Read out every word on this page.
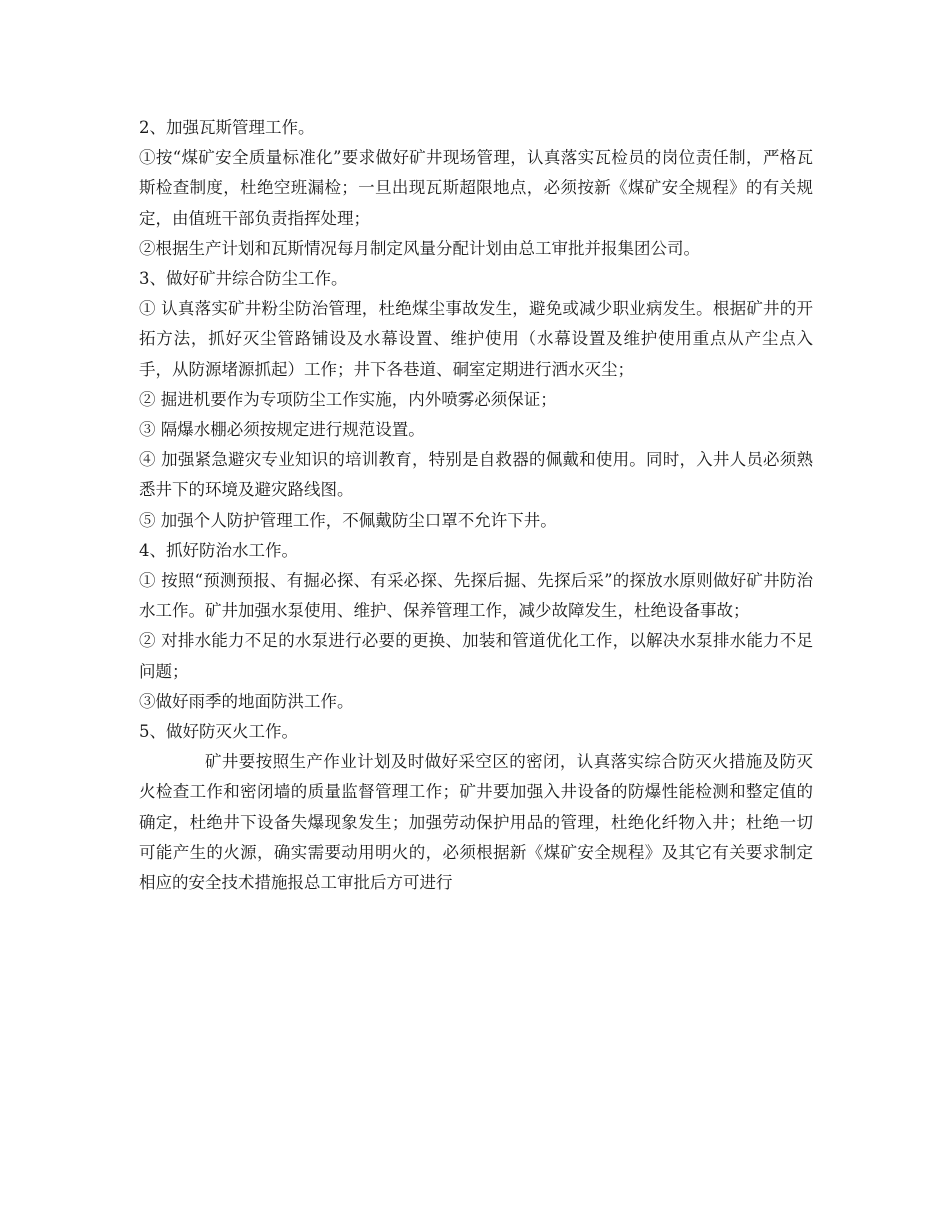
2、加强瓦斯管理工作。

①按“煤矿安全质量标准化”要求做好矿井现场管理，认真落实瓦检员的岗位责任制，严格瓦斯检查制度，杜绝空班漏检；一旦出现瓦斯超限地点，必须按新《煤矿安全规程》的有关规定，由值班干部负责指挥处理；

②根据生产计划和瓦斯情况每月制定风量分配计划由总工审批并报集团公司。

3、做好矿井综合防尘工作。

① 认真落实矿井粉尘防治管理，杜绝煤尘事故发生，避免或减少职业病发生。根据矿井的开拓方法，抓好灭尘管路铺设及水幕设置、维护使用（水幕设置及维护使用重点从产尘点入手，从防源堵源抓起）工作；井下各巷道、硐室定期进行洒水灭尘；

② 掘进机要作为专项防尘工作实施，内外喷雾必须保证；

③ 隔爆水棚必须按规定进行规范设置。

④ 加强紧急避灾专业知识的培训教育，特别是自救器的佩戴和使用。同时，入井人员必须熟悉井下的环境及避灾路线图。

⑤ 加强个人防护管理工作，不佩戴防尘口罩不允许下井。

4、抓好防治水工作。

① 按照“预测预报、有掘必探、有采必探、先探后掘、先探后采”的探放水原则做好矿井防治水工作。矿井加强水泵使用、维护、保养管理工作，减少故障发生，杜绝设备事故；

② 对排水能力不足的水泵进行必要的更换、加装和管道优化工作，以解决水泵排水能力不足问题；

③做好雨季的地面防洪工作。

5、做好防灭火工作。

矿井要按照生产作业计划及时做好采空区的密闭，认真落实综合防灭火措施及防灭火检查工作和密闭墙的质量监督管理工作；矿井要加强入井设备的防爆性能检测和整定值的确定，杜绝井下设备失爆现象发生；加强劳动保护用品的管理，杜绝化纤物入井；杜绝一切可能产生的火源，确实需要动用明火的，必须根据新《煤矿安全规程》及其它有关要求制定相应的安全技术措施报总工审批后方可进行
